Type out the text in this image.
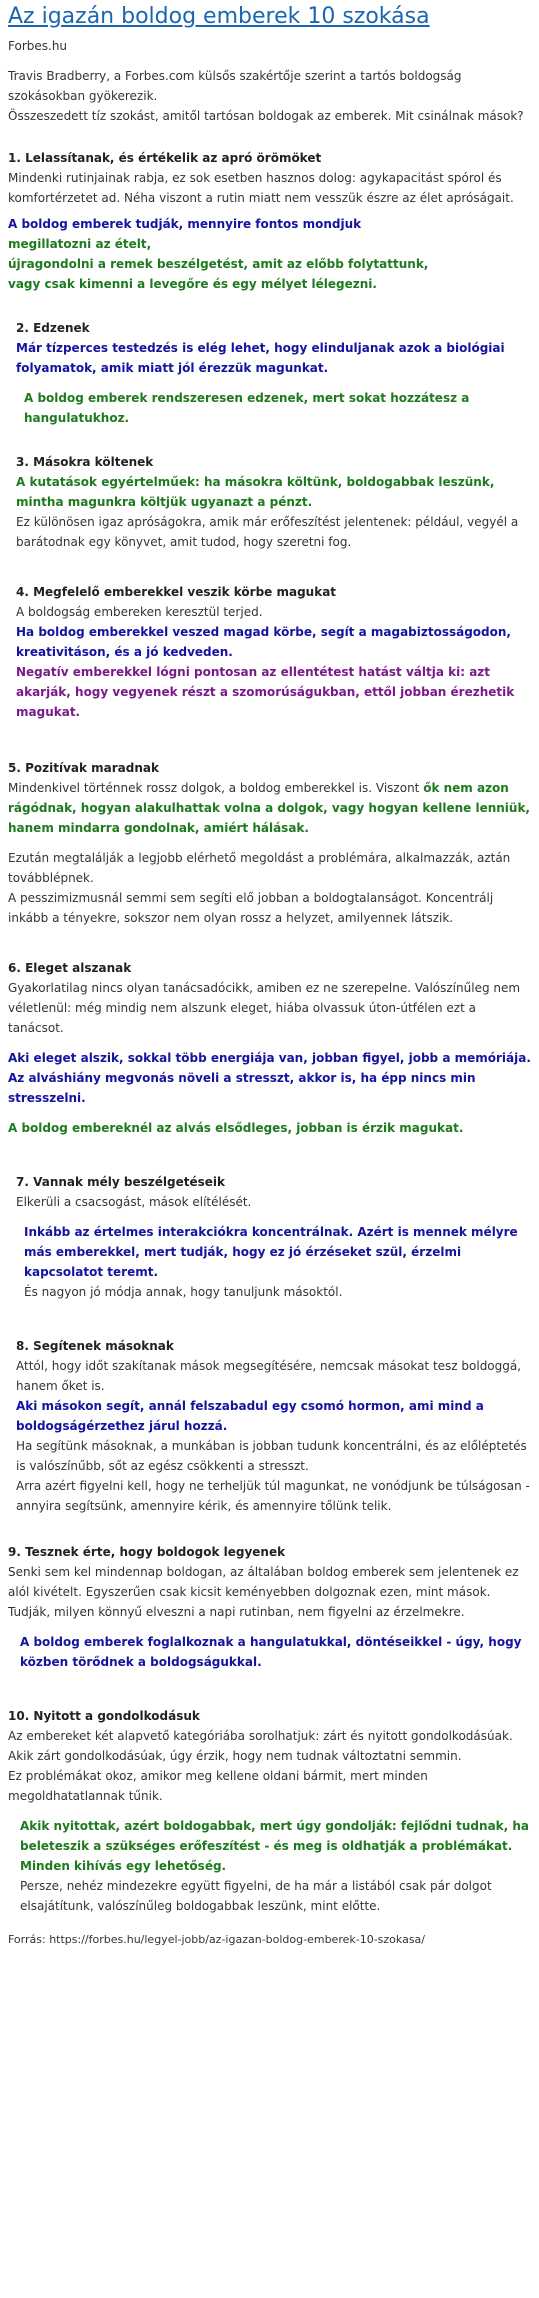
Az igazán boldog emberek 10 szokása
Forbes.hu

Travis Bradberry, a Forbes.com külsős szakértője szerint a tartós boldogság szokásokban gyökerezik.

Összeszedett tíz szokást, amitől tartósan boldogak az emberek. Mit csinálnak mások?

1. Lelassítanak, és értékelik az apró örömöket

Mindenki rutinjainak rabja, ez sok esetben hasznos dolog: agykapacitást spórol és komfortérzetet ad. Néha viszont a rutin miatt nem vesszük észre az élet apróságait.

A boldog emberek tudják, mennyire fontos mondjuk

megillatozni az ételt,

újragondolni a remek beszélgetést, amit az előbb folytattunk,

vagy csak kimenni a levegőre és egy mélyet lélegezni.

2. Edzenek

Már tízperces testedzés is elég lehet, hogy elinduljanak azok a biológiai folyamatok, amik miatt jól érezzük magunkat.

A boldog emberek rendszeresen edzenek, mert sokat hozzátesz a hangulatukhoz.

3. Másokra költenek

A kutatások egyértelműek: ha másokra költünk, boldogabbak leszünk, mintha magunkra költjük ugyanazt a pénzt.

Ez különösen igaz apróságokra, amik már erőfeszítést jelentenek: például, vegyél a barátodnak egy könyvet, amit tudod, hogy szeretni fog.

4. Megfelelő emberekkel veszik körbe magukat

A boldogság embereken keresztül terjed.

Ha boldog emberekkel veszed magad körbe, segít a magabiztosságodon, kreativitáson, és a jó kedveden.

Negatív emberekkel lógni pontosan az ellentétest hatást váltja ki: azt akarják, hogy vegyenek részt a szomorúságukban, ettől jobban érezhetik magukat.

5. Pozitívak maradnak

Mindenkivel történnek rossz dolgok, a boldog emberekkel is. Viszont ők nem azon rágódnak, hogyan alakulhattak volna a dolgok, vagy hogyan kellene lenniük, hanem mindarra gondolnak, amiért hálásak.

Ezután megtalálják a legjobb elérhető megoldást a problémára, alkalmazzák, aztán továbblépnek.

A pesszimizmusnál semmi sem segíti elő jobban a boldogtalanságot. Koncentrálj inkább a tényekre, sokszor nem olyan rossz a helyzet, amilyennek látszik.

6. Eleget alszanak

Gyakorlatilag nincs olyan tanácsadócikk, amiben ez ne szerepelne. Valószínűleg nem véletlenül: még mindig nem alszunk eleget, hiába olvassuk úton-útfélen ezt a tanácsot.

Aki eleget alszik, sokkal több energiája van, jobban figyel, jobb a memóriája.

Az alváshiány megvonás növeli a stresszt, akkor is, ha épp nincs min stresszelni.

A boldog embereknél az alvás elsődleges, jobban is érzik magukat.

7. Vannak mély beszélgetéseik

Elkerüli a csacsogást, mások elítélését.

Inkább az értelmes interakciókra koncentrálnak. Azért is mennek mélyre más emberekkel, mert tudják, hogy ez jó érzéseket szül, érzelmi kapcsolatot teremt.

És nagyon jó módja annak, hogy tanuljunk másoktól.

8. Segítenek másoknak

Attól, hogy időt szakítanak mások megsegítésére, nemcsak másokat tesz boldoggá, hanem őket is.

Aki másokon segít, annál felszabadul egy csomó hormon, ami mind a boldogságérzethez járul hozzá.

Ha segítünk másoknak, a munkában is jobban tudunk koncentrálni, és az előléptetés is valószínűbb, sőt az egész csökkenti a stresszt.

Arra azért figyelni kell, hogy ne terheljük túl magunkat, ne vonódjunk be túlságosan - annyira segítsünk, amennyire kérik, és amennyire tőlünk telik.

9. Tesznek érte, hogy boldogok legyenek

Senki sem kel mindennap boldogan, az általában boldog emberek sem jelentenek ez alól kivételt. Egyszerűen csak kicsit keményebben dolgoznak ezen, mint mások. Tudják, milyen könnyű elveszni a napi rutinban, nem figyelni az érzelmekre.

A boldog emberek foglalkoznak a hangulatukkal, döntéseikkel - úgy, hogy közben törődnek a boldogságukkal.

10. Nyitott a gondolkodásuk

Az embereket két alapvető kategóriába sorolhatjuk: zárt és nyitott gondolkodásúak. Akik zárt gondolkodásúak, úgy érzik, hogy nem tudnak változtatni semmin.

Ez problémákat okoz, amikor meg kellene oldani bármit, mert minden megoldhatatlannak tűnik.

Akik nyitottak, azért boldogabbak, mert úgy gondolják: fejlődni tudnak, ha beleteszik a szükséges erőfeszítést - és meg is oldhatják a problémákat.

Minden kihívás egy lehetőség.

Persze, nehéz mindezekre együtt figyelni, de ha már a listából csak pár dolgot elsajátítunk, valószínűleg boldogabbak leszünk, mint előtte.

Forrás: https://forbes.hu/legyel-jobb/az-igazan-boldog-emberek-10-szokasa/
